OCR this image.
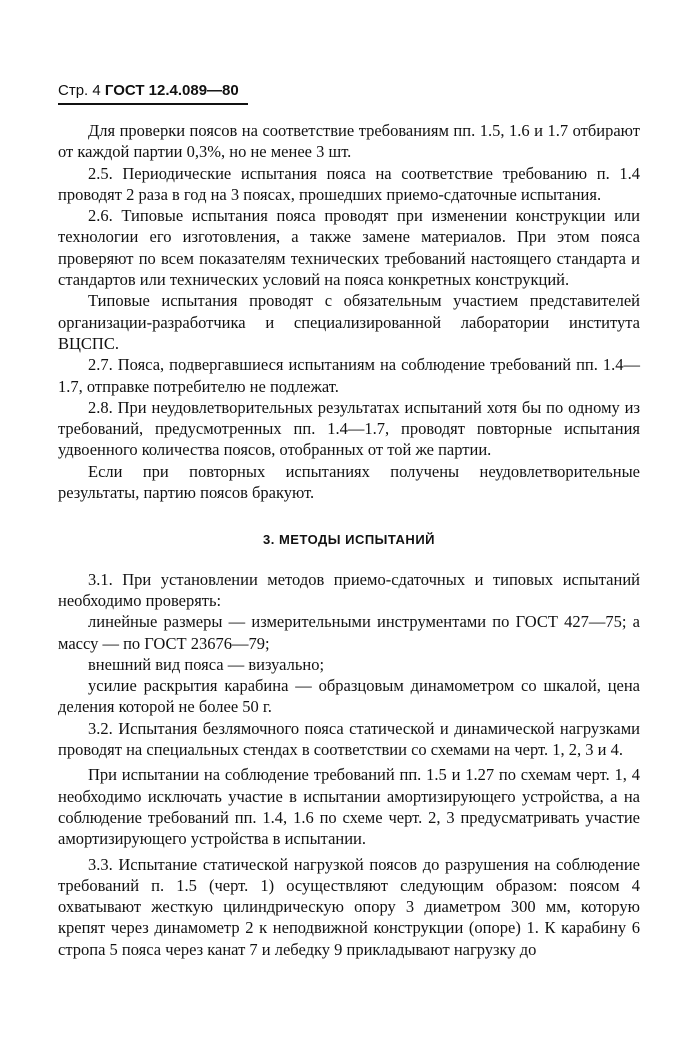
Стр. 4 ГОСТ 12.4.089—80

Для проверки поясов на соответствие требованиям пп. 1.5, 1.6 и 1.7 отбирают от каждой партии 0,3%, но не менее 3 шт.

2.5. Периодические испытания пояса на соответствие требованию п. 1.4 проводят 2 раза в год на 3 поясах, прошедших приемо-сдаточные испытания.

2.6. Типовые испытания пояса проводят при изменении конструкции или технологии его изготовления, а также замене материалов. При этом пояса проверяют по всем показателям технических требований настоящего стандарта и стандартов или технических условий на пояса конкретных конструкций.

Типовые испытания проводят с обязательным участием представителей организации-разработчика и специализированной лаборатории института ВЦСПС.

2.7. Пояса, подвергавшиеся испытаниям на соблюдение требований пп. 1.4—1.7, отправке потребителю не подлежат.

2.8. При неудовлетворительных результатах испытаний хотя бы по одному из требований, предусмотренных пп. 1.4—1.7, проводят повторные испытания удвоенного количества поясов, отобранных от той же партии.

Если при повторных испытаниях получены неудовлетворительные результаты, партию поясов бракуют.

3. МЕТОДЫ ИСПЫТАНИЙ

3.1. При установлении методов приемо-сдаточных и типовых испытаний необходимо проверять:

линейные размеры — измерительными инструментами по ГОСТ 427—75; а массу — по ГОСТ 23676—79;

внешний вид пояса — визуально;

усилие раскрытия карабина — образцовым динамометром со шкалой, цена деления которой не более 50 г.

3.2. Испытания безлямочного пояса статической и динамической нагрузками проводят на специальных стендах в соответствии со схемами на черт. 1, 2, 3 и 4.

При испытании на соблюдение требований пп. 1.5 и 1.27 по схемам черт. 1, 4 необходимо исключать участие в испытании амортизирующего устройства, а на соблюдение требований пп. 1.4, 1.6 по схеме черт. 2, 3 предусматривать участие амортизирующего устройства в испытании.

3.3. Испытание статической нагрузкой поясов до разрушения на соблюдение требований п. 1.5 (черт. 1) осуществляют следующим образом: поясом 4 охватывают жесткую цилиндрическую опору 3 диаметром 300 мм, которую крепят через динамометр 2 к неподвижной конструкции (опоре) 1. К карабину 6 стропа 5 пояса через канат 7 и лебедку 9 прикладывают нагрузку до
